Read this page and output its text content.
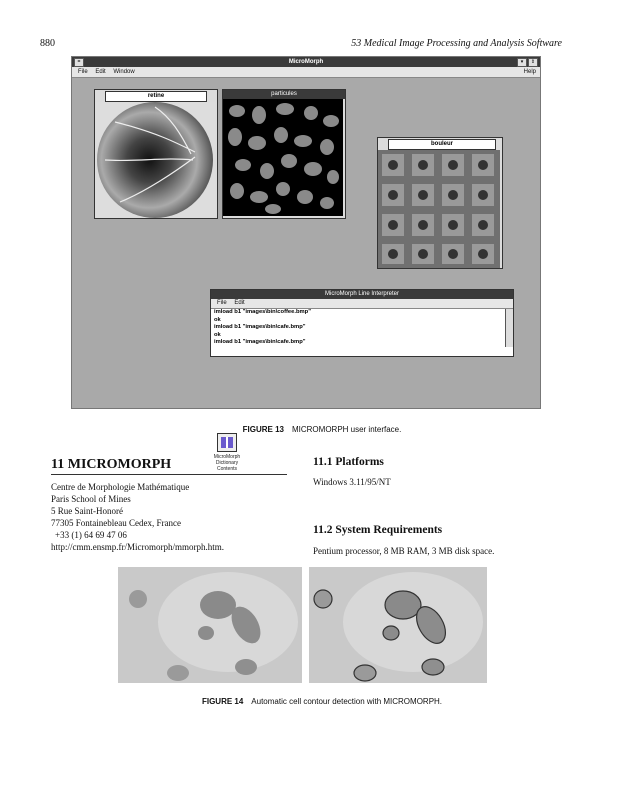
880	53 Medical Image Processing and Analysis Software
MicroMorph
=	▾	⇕
File Edit Window	Help
retine	particules
bouleur
MicroMorph Line Interpreter
File Edit
imload b1 "images\bin\coffee.bmp"
ok
imload b1 "images\bin\cafe.bmp"
ok
imload b1 "images\bin\cafe.bmp"
MicroMorph
Dictionary
Contents
FIGURE 13 MICROMORPH user interface.
11 MICROMORPH
Centre de Morphologie Mathématique
Paris School of Mines
5 Rue Saint-Honoré
77305 Fontainebleau Cedex, France
+33 (1) 64 69 47 06
http://cmm.ensmp.fr/Micromorph/mmorph.htm.
11.1 Platforms
Windows 3.11/95/NT
11.2 System Requirements
Pentium processor, 8 MB RAM, 3 MB disk space.
FIGURE 14 Automatic cell contour detection with MICROMORPH.
